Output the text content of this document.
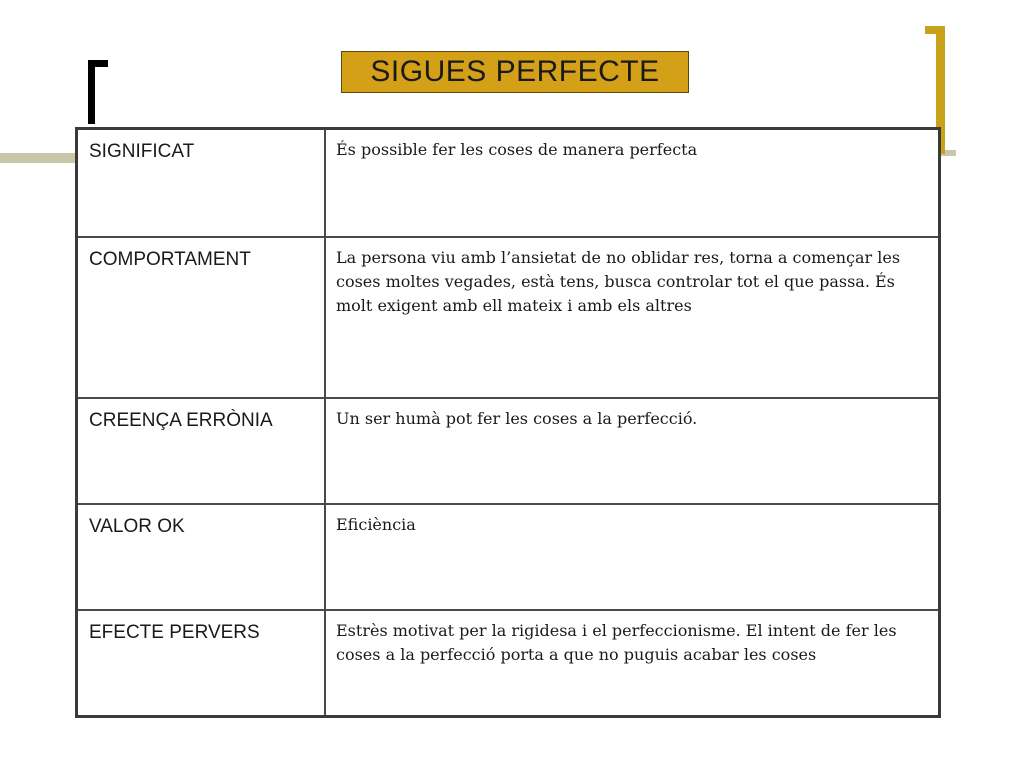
SIGUES PERFECTE
SIGNIFICAT	És possible fer les coses de manera perfecta
COMPORTAMENT	La persona viu amb l’ansietat de no oblidar res, torna a començar les coses moltes vegades, està tens, busca controlar tot el que passa. És molt exigent amb ell mateix i amb els altres
CREENÇA ERRÒNIA	Un ser humà pot fer les coses a la perfecció.
VALOR OK	Eficiència
EFECTE PERVERS	Estrès motivat per la rigidesa i el perfeccionisme. El intent de fer les coses a la perfecció porta a que no puguis acabar les coses
